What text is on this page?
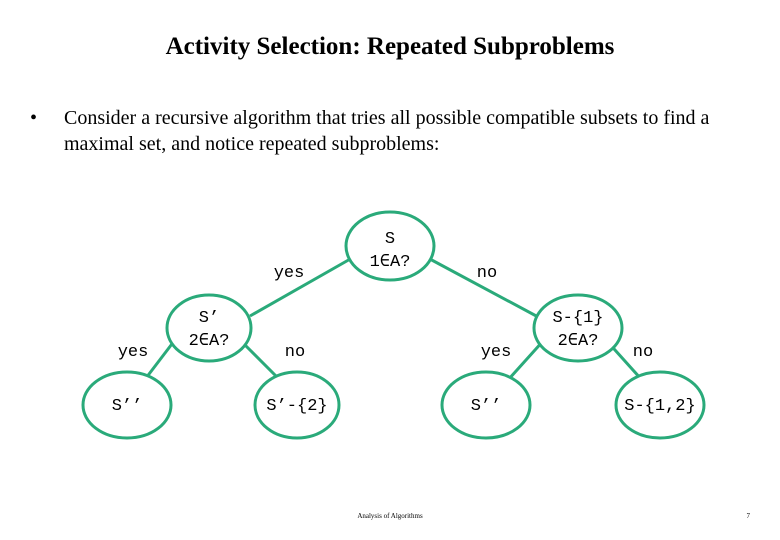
Activity Selection: Repeated Subproblems
• Consider a recursive algorithm that tries all possible compatible subsets to find a maximal set, and notice repeated subproblems:
S
1∈A?
S’
2∈A?
S-{1}
2∈A?
S’’	S’-{2}	S’’	S-{1,2}
yes	no
yes	no	yes	no
Analysis of Algorithms	7
